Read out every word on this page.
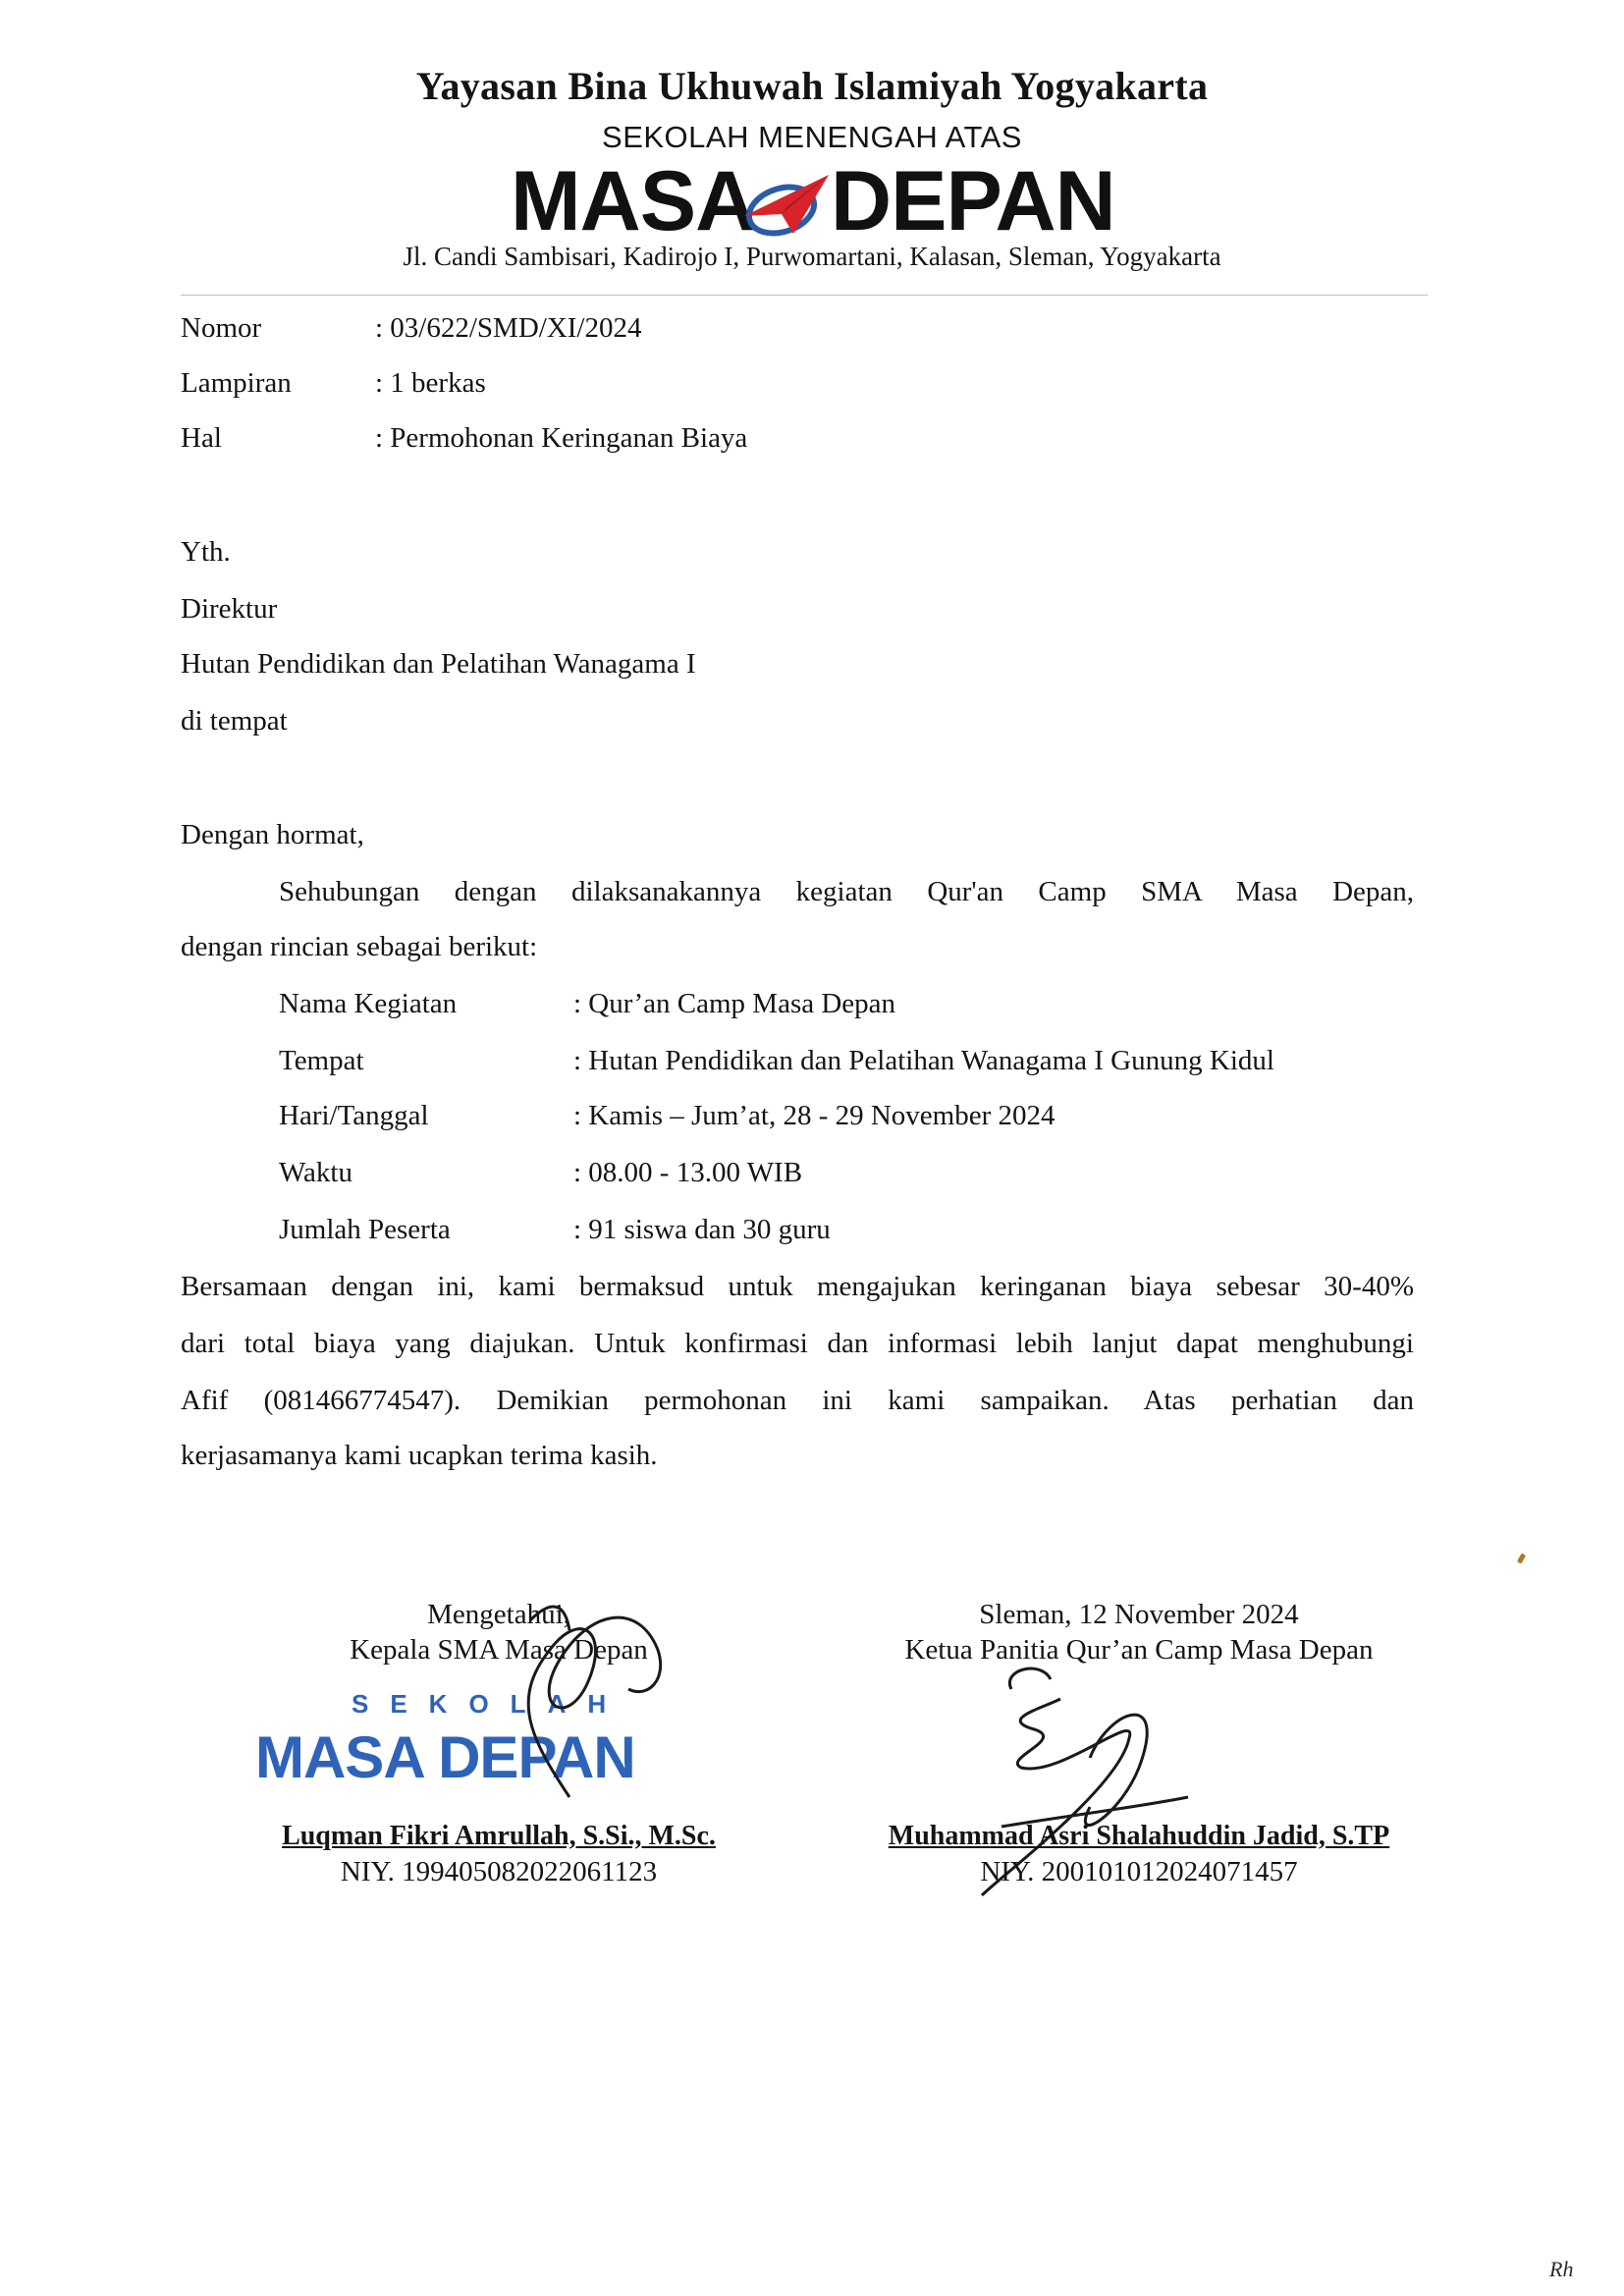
Yayasan Bina Ukhuwah Islamiyah Yogyakarta
SEKOLAH MENENGAH ATAS
MASA DEPAN
Jl. Candi Sambisari, Kadirojo I, Purwomartani, Kalasan, Sleman, Yogyakarta
Nomor	: 03/622/SMD/XI/2024
Lampiran	: 1 berkas
Hal	: Permohonan Keringanan Biaya
Yth.
Direktur
Hutan Pendidikan dan Pelatihan Wanagama I
di tempat
Dengan hormat,
Sehubungan dengan dilaksanakannya kegiatan Qur'an Camp SMA Masa Depan,
dengan rincian sebagai berikut:
Nama Kegiatan	: Qur’an Camp Masa Depan
Tempat	: Hutan Pendidikan dan Pelatihan Wanagama I Gunung Kidul
Hari/Tanggal	: Kamis – Jum’at, 28 - 29 November 2024
Waktu	: 08.00 - 13.00 WIB
Jumlah Peserta	: 91 siswa dan 30 guru
Bersamaan dengan ini, kami bermaksud untuk mengajukan keringanan biaya sebesar 30-40%
dari total biaya yang diajukan. Untuk konfirmasi dan informasi lebih lanjut dapat menghubungi
Afif (081466774547). Demikian permohonan ini kami sampaikan. Atas perhatian dan
kerjasamanya kami ucapkan terima kasih.
Mengetahui,
Kepala SMA Masa Depan
SEKOLAH
MASA DEPAN
Luqman Fikri Amrullah, S.Si., M.Sc.
NIY. 199405082022061123
Sleman, 12 November 2024
Ketua Panitia Qur’an Camp Masa Depan
Muhammad Asri Shalahuddin Jadid, S.TP
NIY. 200101012024071457
Rh
